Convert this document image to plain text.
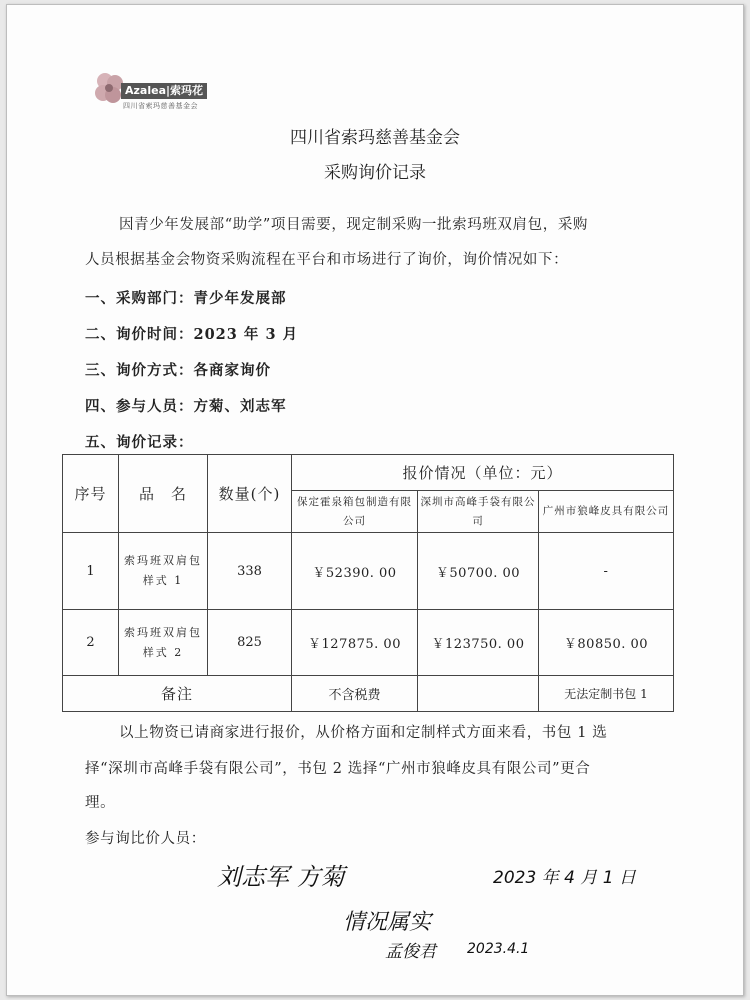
Azalea|索玛花
四川省索玛慈善基金会
四川省索玛慈善基金会
采购询价记录
因青少年发展部“助学”项目需要，现定制采购一批索玛班双肩包，采购
人员根据基金会物资采购流程在平台和市场进行了询价，询价情况如下：
一、采购部门：青少年发展部
二、询价时间：2023 年 3 月
三、询价方式：各商家询价
四、参与人员：方菊、刘志军
五、询价记录：
序号	品　名	数量(个)	报价情况（单位：元）		
			保定霍泉箱包制造有限公司	深圳市高峰手袋有限公司	广州市狼峰皮具有限公司
1	索玛班双肩包样式 1	338	￥52390. 00	￥50700. 00	-
2	索玛班双肩包样式 2	825	￥127875. 00	￥123750. 00	￥80850. 00
备注			不含税费		无法定制书包 1
以上物资已请商家进行报价，从价格方面和定制样式方面来看，书包 1 选
择“深圳市高峰手袋有限公司”，书包 2 选择“广州市狼峰皮具有限公司”更合
理。
参与询比价人员：
刘志军 方菊	2023 年 4 月 1 日
情况属实
孟俊君 2023.4.1
